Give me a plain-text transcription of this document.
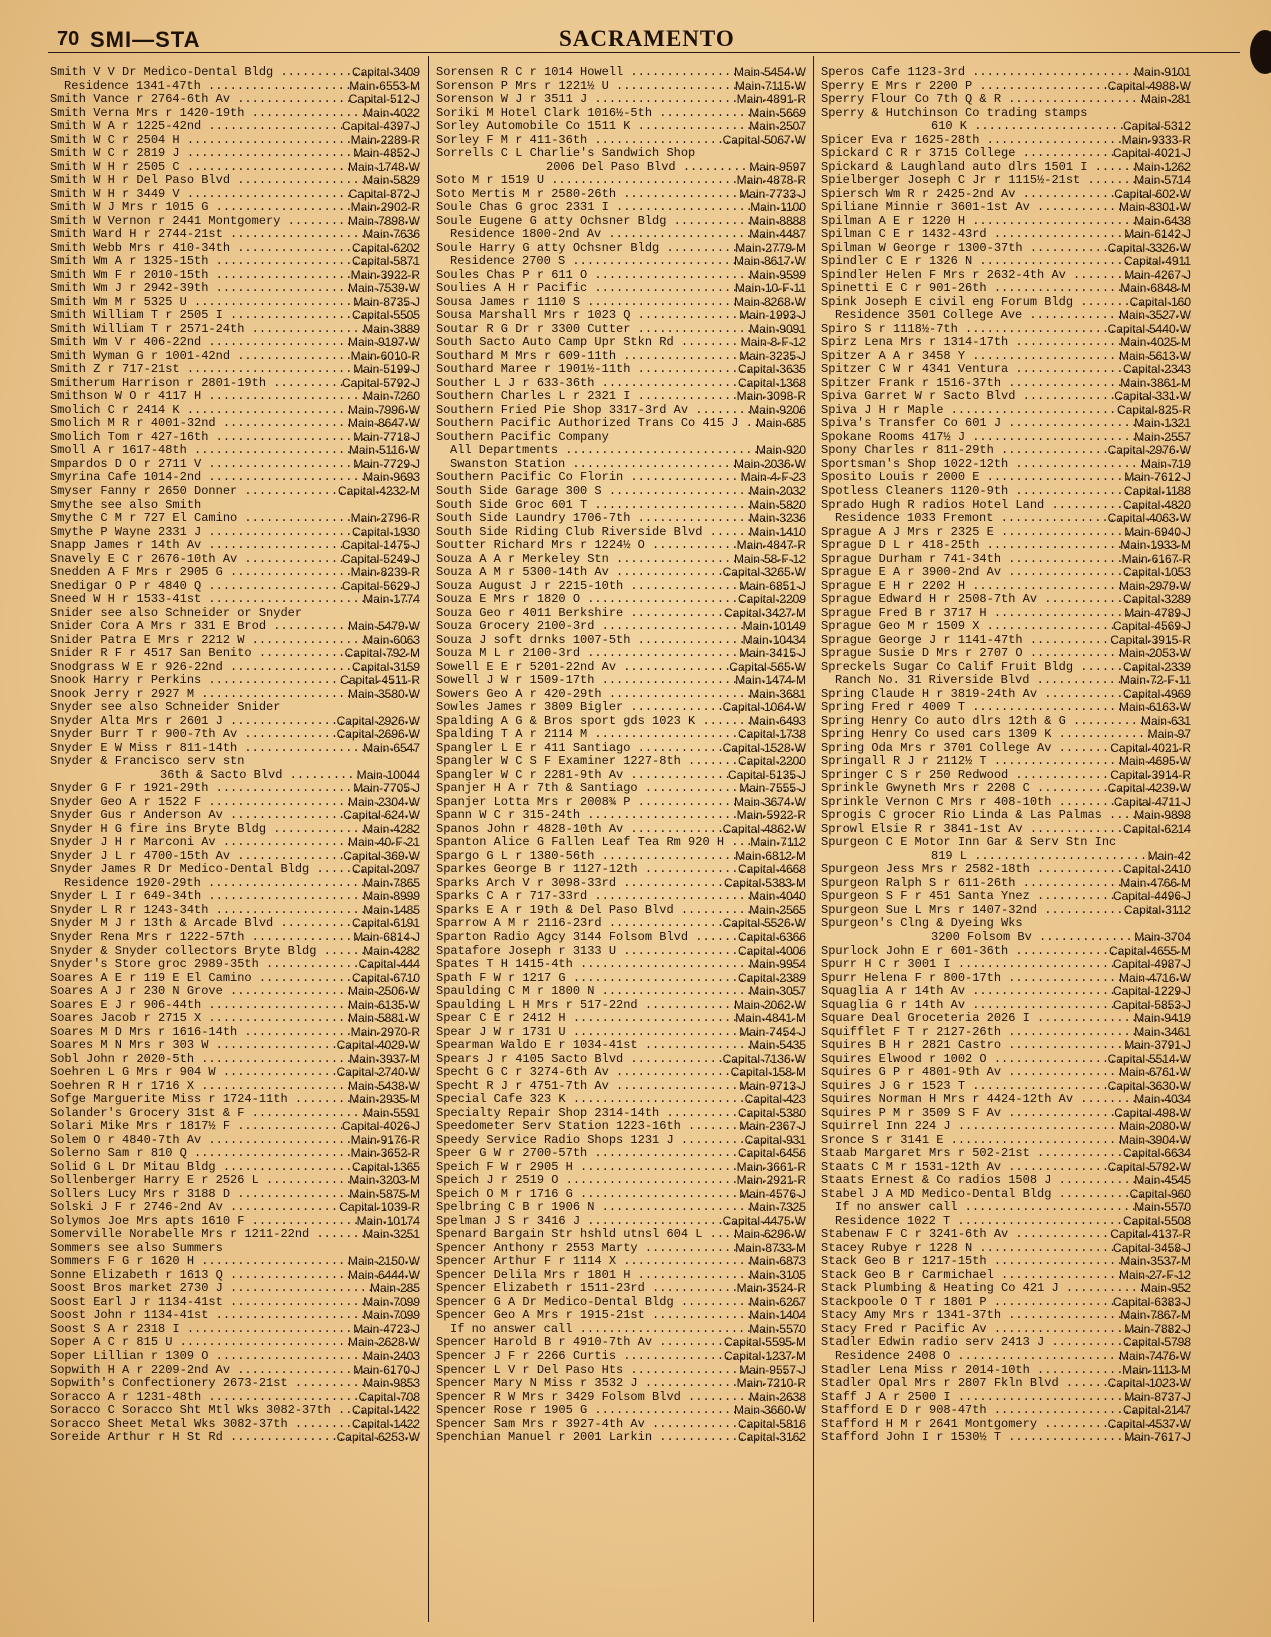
70 SMI—STA	SACRAMENTO
Smith V V Dr Medico-Dental Bldg .....	Capital-3409
Residence 1341-47th .....	Main-6553-M
Smith Vance r 2764-6th Av .....	Capital-512-J
Smith Verna Mrs r 1420-19th .....	Main-4022
Smith W A r 1225-42nd .....	Capital-4397-J
Smith W C r 2504 H .....	Main-2289-R
Smith W C r 2819 J .....	Main-4852-J
Smith W H r 2505 C .....	Main-1748-W
Smith W H r Del Paso Blvd .....	Main-5829
Smith W H r 3449 V .....	Capital-872-J
Smith W J Mrs r 1015 G .....	Main-2902-R
Smith W Vernon r 2441 Montgomery .....	Main-7898-W
Smith Ward H r 2744-21st .....	Main-7636
Smith Webb Mrs r 410-34th .....	Capital-6202
Smith Wm A r 1325-15th .....	Capital-5871
Smith Wm F r 2010-15th .....	Main-3922-R
Smith Wm J r 2942-39th .....	Main-7539-W
Smith Wm M r 5325 U .....	Main-8735-J
Smith William T r 2505 I .....	Capital-5505
Smith William T r 2571-24th .....	Main-3889
Smith Wm V r 406-22nd .....	Main-9197-W
Smith Wyman G r 1001-42nd .....	Main-6010-R
Smith Z r 717-21st .....	Main-5199-J
Smitherum Harrison r 2801-19th .....	Capital-5792-J
Smithson W O r 4117 H .....	Main-7260
Smolich C r 2414 K .....	Main-7996-W
Smolich M R r 4001-32nd .....	Main-8647-W
Smolich Tom r 427-16th .....	Main-7718-J
Smoll A r 1617-48th .....	Main-5116-W
Smpardos D O r 2711 V .....	Main-7729-J
Smyrina Cafe 1014-2nd .....	Main-9693
Smyser Fanny r 2650 Donner .....	Capital-4232-M
Smythe see also Smith
Smythe C M r 727 El Camino .....	Main-2796-R
Smythe P Wayne 2331 J .....	Capital-1930
Snapp James r 14th Av .....	Capital-1475-J
Snavely E C r 2676-10th Av .....	Capital-5249-J
Snedden A F Mrs r 2905 G .....	Main-8239-R
Snedigar O P r 4840 Q .....	Capital-5629-J
Sneed W H r 1533-41st .....	Main-1774
Snider see also Schneider or Snyder
Snider Cora A Mrs r 331 E Brod .....	Main-5479-W
Snider Patra E Mrs r 2212 W .....	Main-6063
Snider R F r 4517 San Benito .....	Capital-792-M
Snodgrass W E r 926-22nd .....	Capital-3159
Snook Harry r Perkins .....	Capital-4511-R
Snook Jerry r 2927 M .....	Main-3580-W
Snyder see also Schneider Snider
Snyder Alta Mrs r 2601 J .....	Capital-2926-W
Snyder Burr T r 900-7th Av .....	Capital-2696-W
Snyder E W Miss r 811-14th .....	Main-6547
Snyder & Francisco serv stn
36th & Sacto Blvd .....	Main-10044
Snyder G F r 1921-29th .....	Main-7705-J
Snyder Geo A r 1522 F .....	Main-2304-W
Snyder Gus r Anderson Av .....	Capital-624-W
Snyder H G fire ins Bryte Bldg .....	Main-4282
Snyder J H r Marconi Av .....	Main-40-F-21
Snyder J L r 4700-15th Av .....	Capital-369-W
Snyder James R Dr Medico-Dental Bldg .....	Capital-2097
Residence 1920-29th .....	Main-7865
Snyder L I r 649-34th .....	Main-8999
Snyder L R r 1243-34th .....	Main-1485
Snyder M J r 13th & Arcade Blvd .....	Capital-6191
Snyder Rena Mrs r 1222-57th .....	Main-6814-J
Snyder & Snyder collectors Bryte Bldg .....	Main-4282
Snyder's Store groc 2989-35th .....	Capital-444
Soares A E r 119 E El Camino .....	Capital-6710
Soares A J r 230 N Grove .....	Main-2506-W
Soares E J r 906-44th .....	Main-6135-W
Soares Jacob r 2715 X .....	Main-5881-W
Soares M D Mrs r 1616-14th .....	Main-2970-R
Soares M N Mrs r 303 W .....	Capital-4029-W
Sobl John r 2020-5th .....	Main-3937-M
Soehren L G Mrs r 904 W .....	Capital-2740-W
Soehren R H r 1716 X .....	Main-5438-W
Sofge Marguerite Miss r 1724-11th .....	Main-2935-M
Solander's Grocery 31st & F .....	Main-5591
Solari Mike Mrs r 1817½ F .....	Capital-4026-J
Solem O r 4840-7th Av .....	Main-9176-R
Solerno Sam r 810 Q .....	Main-3652-R
Solid G L Dr Mitau Bldg .....	Capital-1365
Sollenberger Harry E r 2526 L .....	Main-3203-M
Sollers Lucy Mrs r 3188 D .....	Main-5875-M
Solski J F r 2746-2nd Av .....	Capital-1039-R
Solymos Joe Mrs apts 1610 F .....	Main-10174
Somerville Norabelle Mrs r 1211-22nd .....	Main-3251
Sommers see also Summers
Sommers F G r 1620 H .....	Main-2150-W
Sonne Elizabeth r 1613 Q .....	Main-6444-W
Soost Bros market 2730 J .....	Main-285
Soost Earl J r 1134-41st .....	Main-7099
Soost John r 1134-41st .....	Main-7099
Soost S A r 2318 I .....	Main-4723-J
Soper A C r 815 U .....	Main-2628-W
Soper Lillian r 1309 O .....	Main-2403
Sopwith H A r 2209-2nd Av .....	Main-6170-J
Sopwith's Confectionery 2673-21st .....	Main-9853
Soracco A r 1231-48th .....	Capital-708
Soracco C Soracco Sht Mtl Wks 3082-37th .....	Capital-1422
Soracco Sheet Metal Wks 3082-37th .....	Capital-1422
Soreide Arthur r H St Rd .....	Capital-6253-W
Sorensen R C r 1014 Howell .....	Main-5454-W
Sorenson P Mrs r 1221½ U .....	Main-7115-W
Sorenson W J r 3511 J .....	Main-4891-R
Soriki M Hotel Clark 1016½-5th .....	Main-5669
Sorley Automobile Co 1511 K .....	Main-2507
Sorley F M r 411-36th .....	Capital-5067-W
Sorrells C L Charlie's Sandwich Shop
2006 Del Paso Blvd .....	Main-9597
Soto M r 1519 U .....	Main-4878-R
Soto Mertis M r 2580-26th .....	Main-7733-J
Soule Chas G groc 2331 I .....	Main-1100
Soule Eugene G atty Ochsner Bldg .....	Main-8888
Residence 1800-2nd Av .....	Main-4487
Soule Harry G atty Ochsner Bldg .....	Main-2779-M
Residence 2700 S .....	Main-8617-W
Soules Chas P r 611 O .....	Main-9599
Soulies A H r Pacific .....	Main-10-F-11
Sousa James r 1110 S .....	Main-8268-W
Sousa Marshall Mrs r 1023 Q .....	Main-1993-J
Soutar R G Dr r 3300 Cutter .....	Main-9091
South Sacto Auto Camp Upr Stkn Rd .....	Main-8-F-12
Southard M Mrs r 609-11th .....	Main-3235-J
Southard Maree r 1901½-11th .....	Capital-3635
Souther L J r 633-36th .....	Capital-1368
Southern Charles L r 2321 I .....	Main-3098-R
Southern Fried Pie Shop 3317-3rd Av .....	Main-9206
Southern Pacific Authorized Trans Co 415 J .....	Main-685
Southern Pacific Company
All Departments .....	Main-920
Swanston Station .....	Main-2036-W
Southern Pacific Co Florin .....	Main-4-F-23
South Side Garage 300 S .....	Main-2032
South Side Groc 601 T .....	Main-5820
South Side Laundry 1706-7th .....	Main-3236
South Side Riding Club Riverside Blvd .....	Main-1410
Soutter Richard Mrs r 1224½ O .....	Main-4847-R
Souza A A r Merkeley Stn .....	Main-58-F-12
Souza A M r 5300-14th Av .....	Capital-3265-W
Souza August J r 2215-10th .....	Main-6851-J
Souza E Mrs r 1820 O .....	Capital-2209
Souza Geo r 4011 Berkshire .....	Capital-3427-M
Souza Grocery 2100-3rd .....	Main-10149
Souza J soft drnks 1007-5th .....	Main-10434
Souza M L r 2100-3rd .....	Main-3415-J
Sowell E E r 5201-22nd Av .....	Capital-565-W
Sowell J W r 1509-17th .....	Main-1474-M
Sowers Geo A r 420-29th .....	Main-3681
Sowles James r 3809 Bigler .....	Capital-1064-W
Spalding A G & Bros sport gds 1023 K .....	Main-6493
Spalding T A r 2114 M .....	Capital-1738
Spangler L E r 411 Santiago .....	Capital-1528-W
Spangler W C S F Examiner 1227-8th .....	Capital-2200
Spangler W C r 2281-9th Av .....	Capital-5135-J
Spanjer H A r 7th & Santiago .....	Main-7555-J
Spanjer Lotta Mrs r 2008¾ P .....	Main-3674-W
Spann W C r 315-24th .....	Main-5922-R
Spanos John r 4828-10th Av .....	Capital-4862-W
Spanton Alice G Fallen Leaf Tea Rm 920 H .....	Main-7112
Spargo G L r 1380-56th .....	Main-6812-M
Sparkes George B r 1127-12th .....	Capital-4668
Sparks Arch V r 3098-33rd .....	Capital-5383-M
Sparks C A r 717-33rd .....	Main-4040
Sparks E A r 19th & Del Paso Blvd .....	Main-2565
Sparrow A M r 2116-23rd .....	Capital-5526-W
Sparton Radio Agcy 3144 Folsom Blvd .....	Capital-6366
Spatafore Joseph r 3133 U .....	Capital-4006
Spates T H 1415-4th .....	Main-9954
Spath F W r 1217 G .....	Capital-2389
Spaulding C M r 1800 N .....	Main-3057
Spaulding L H Mrs r 517-22nd .....	Main-2062-W
Spear C E r 2412 H .....	Main-4841-M
Spear J W r 1731 U .....	Main-7454-J
Spearman Waldo E r 1034-41st .....	Main-5435
Spears J r 4105 Sacto Blvd .....	Capital-7136-W
Specht G C r 3274-6th Av .....	Capital-158-M
Specht R J r 4751-7th Av .....	Main-9713-J
Special Cafe 323 K .....	Capital-423
Specialty Repair Shop 2314-14th .....	Capital-5380
Speedometer Serv Station 1223-16th .....	Main-2367-J
Speedy Service Radio Shops 1231 J .....	Capital-931
Speer G W r 2700-57th .....	Capital-6456
Speich F W r 2905 H .....	Main-3661-R
Speich J r 2519 O .....	Main-2921-R
Speich O M r 1716 G .....	Main-4576-J
Spelbring C B r 1906 N .....	Main-7325
Spelman J S r 3416 J .....	Capital-4475-W
Spenard Bargain Str hshld utnsl 604 L .....	Main-6296-W
Spencer Anthony r 2553 Marty .....	Main-8733-M
Spencer Arthur F r 1114 X .....	Main-6873
Spencer Delila Mrs r 1801 H .....	Main-3105
Spencer Elizabeth r 1511-23rd .....	Main-3524-R
Spencer G A Dr Medico-Dental Bldg .....	Main-6267
Spencer Geo A Mrs r 1915-21st .....	Main-1404
If no answer call .....	Main-5570
Spencer Harold B r 4910-7th Av .....	Capital-5595-M
Spencer J F r 2266 Curtis .....	Capital-1237-M
Spencer L V r Del Paso Hts .....	Main-9557-J
Spencer Mary N Miss r 3532 J .....	Main-7210-R
Spencer R W Mrs r 3429 Folsom Blvd .....	Main-2638
Spencer Rose r 1905 G .....	Main-3660-W
Spencer Sam Mrs r 3927-4th Av .....	Capital-5816
Spenchian Manuel r 2001 Larkin .....	Capital-3162
Speros Cafe 1123-3rd .....	Main-9101
Sperry E Mrs r 2200 P .....	Capital-4988-W
Sperry Flour Co 7th Q & R .....	Main-281
Sperry & Hutchinson Co trading stamps
610 K .....	Capital-5312
Spicer Eva r 1625-28th .....	Main-9333-R
Spickard C R r 3715 College .....	Capital-4021-J
Spickard & Laughland auto dlrs 1501 I .....	Main-1262
Spielberger Joseph C Jr r 1115½-21st .....	Main-5714
Spiersch Wm R r 2425-2nd Av .....	Capital-602-W
Spiliane Minnie r 3601-1st Av .....	Main-8301-W
Spilman A E r 1220 H .....	Main-6438
Spilman C E r 1432-43rd .....	Main-6142-J
Spilman W George r 1300-37th .....	Capital-3326-W
Spindler C E r 1326 N .....	Capital-4911
Spindler Helen F Mrs r 2632-4th Av .....	Main-4267-J
Spinetti E C r 901-26th .....	Main-6848-M
Spink Joseph E civil eng Forum Bldg .....	Capital-160
Residence 3501 College Ave .....	Main-3527-W
Spiro S r 1118½-7th .....	Capital-5440-W
Spirz Lena Mrs r 1314-17th .....	Main-4025-M
Spitzer A A r 3458 Y .....	Main-5613-W
Spitzer C W r 4341 Ventura .....	Capital-2343
Spitzer Frank r 1516-37th .....	Main-3861-M
Spiva Garret W r Sacto Blvd .....	Capital-331-W
Spiva J H r Maple .....	Capital-825-R
Spiva's Transfer Co 601 J .....	Main-1321
Spokane Rooms 417½ J .....	Main-2557
Spony Charles r 811-29th .....	Capital-2976-W
Sportsman's Shop 1022-12th .....	Main-719
Sposito Louis r 2000 E .....	Main-7612-J
Spotless Cleaners 1120-9th .....	Capital-1188
Sprado Hugh R radios Hotel Land .....	Capital-4820
Residence 1033 Fremont .....	Capital-4063-W
Sprague A J Mrs r 2325 E .....	Main-6940-J
Sprague D L r 418-25th .....	Main-1933-M
Sprague Durham r 741-34th .....	Main-6167-R
Sprague E A r 3900-2nd Av .....	Capital-1053
Sprague E H r 2202 H .....	Main-2979-W
Sprague Edward H r 2508-7th Av .....	Capital-3289
Sprague Fred B r 3717 H .....	Main-4789-J
Sprague Geo M r 1509 X .....	Capital-4569-J
Sprague George J r 1141-47th .....	Capital-3915-R
Sprague Susie D Mrs r 2707 O .....	Main-2053-W
Spreckels Sugar Co Calif Fruit Bldg .....	Capital-2339
Ranch No. 31 Riverside Blvd .....	Main-72-F-11
Spring Claude H r 3819-24th Av .....	Capital-4969
Spring Fred r 4009 T .....	Main-6163-W
Spring Henry Co auto dlrs 12th & G .....	Main-631
Spring Henry Co used cars 1309 K .....	Main-97
Spring Oda Mrs r 3701 College Av .....	Capital-4021-R
Springall R J r 2112½ T .....	Main-4695-W
Springer C S r 250 Redwood .....	Capital-3914-R
Sprinkle Gwyneth Mrs r 2208 C .....	Capital-4239-W
Sprinkle Vernon C Mrs r 408-10th .....	Capital-4711-J
Sprogis C grocer Rio Linda & Las Palmas .....	Main-9898
Sprowl Elsie R r 3841-1st Av .....	Capital-6214
Spurgeon C E Motor Inn Gar & Serv Stn Inc
819 L .....	Main-42
Spurgeon Jess Mrs r 2582-18th .....	Capital-2410
Spurgeon Ralph S r 611-26th .....	Main-4766-M
Spurgeon S F r 451 Santa Ynez .....	Capital-4496-J
Spurgeon Sue L Mrs r 1407-32nd .....	Capital-3112
Spurgeon's Clng & Dyeing Wks
3200 Folsom Bv .....	Main-3704
Spurlock John E r 601-36th .....	Capital-4655-M
Spurr H C r 3001 I .....	Capital-4987-J
Spurr Helena F r 800-17th .....	Main-4716-W
Squaglia A r 14th Av .....	Capital-1229-J
Squaglia G r 14th Av .....	Capital-5853-J
Square Deal Groceteria 2026 I .....	Main-9419
Squifflet F T r 2127-26th .....	Main-3461
Squires B H r 2821 Castro .....	Main-3791-J
Squires Elwood r 1002 O .....	Capital-5514-W
Squires G P r 4801-9th Av .....	Main-6761-W
Squires J G r 1523 T .....	Capital-3630-W
Squires Norman H Mrs r 4424-12th Av .....	Main-4034
Squires P M r 3509 S F Av .....	Capital-498-W
Squirrel Inn 224 J .....	Main-2080-W
Sronce S r 3141 E .....	Main-3904-W
Staab Margaret Mrs r 502-21st .....	Capital-6634
Staats C M r 1531-12th Av .....	Capital-5792-W
Staats Ernest & Co radios 1508 J .....	Main-4545
Stabel J A MD Medico-Dental Bldg .....	Capital-960
If no answer call .....	Main-5570
Residence 1022 T .....	Capital-5508
Stabenaw F C r 3241-6th Av .....	Capital-4137-R
Stacey Rubye r 1228 N .....	Capital-3458-J
Stack Geo B r 1217-15th .....	Main-3537-M
Stack Geo B r Carmichael .....	Main-27-F-12
Stack Plumbing & Heating Co 421 J .....	Main-952
Stackpoole O T r 1801 P .....	Capital-6383-J
Stacy Amy Mrs r 1341-37th .....	Main-7867-M
Stacy Fred r Pacific Av .....	Main-7882-J
Stadler Edwin radio serv 2413 J .....	Capital-5798
Residence 2408 O .....	Main-7476-W
Stadler Lena Miss r 2014-10th .....	Main-1113-M
Stadler Opal Mrs r 2807 Fkln Blvd .....	Capital-1023-W
Staff J A r 2500 I .....	Main-8737-J
Stafford E D r 908-47th .....	Capital-2147
Stafford H M r 2641 Montgomery .....	Capital-4537-W
Stafford John I r 1530½ T .....	Main-7617-J
